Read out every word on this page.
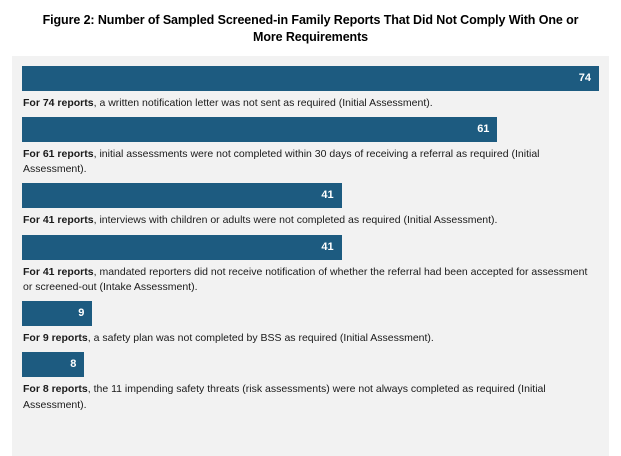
Figure 2: Number of Sampled Screened-in Family Reports That Did Not Comply With One or More Requirements
74
For 74 reports, a written notification letter was not sent as required (Initial Assessment).
61
For 61 reports, initial assessments were not completed within 30 days of receiving a referral as required (Initial Assessment).
41
For 41 reports, interviews with children or adults were not completed as required (Initial Assessment).
41
For 41 reports, mandated reporters did not receive notification of whether the referral had been accepted for assessment or screened-out (Intake Assessment).
9
For 9 reports, a safety plan was not completed by BSS as required (Initial Assessment).
8
For 8 reports, the 11 impending safety threats (risk assessments) were not always completed as required (Initial Assessment).
